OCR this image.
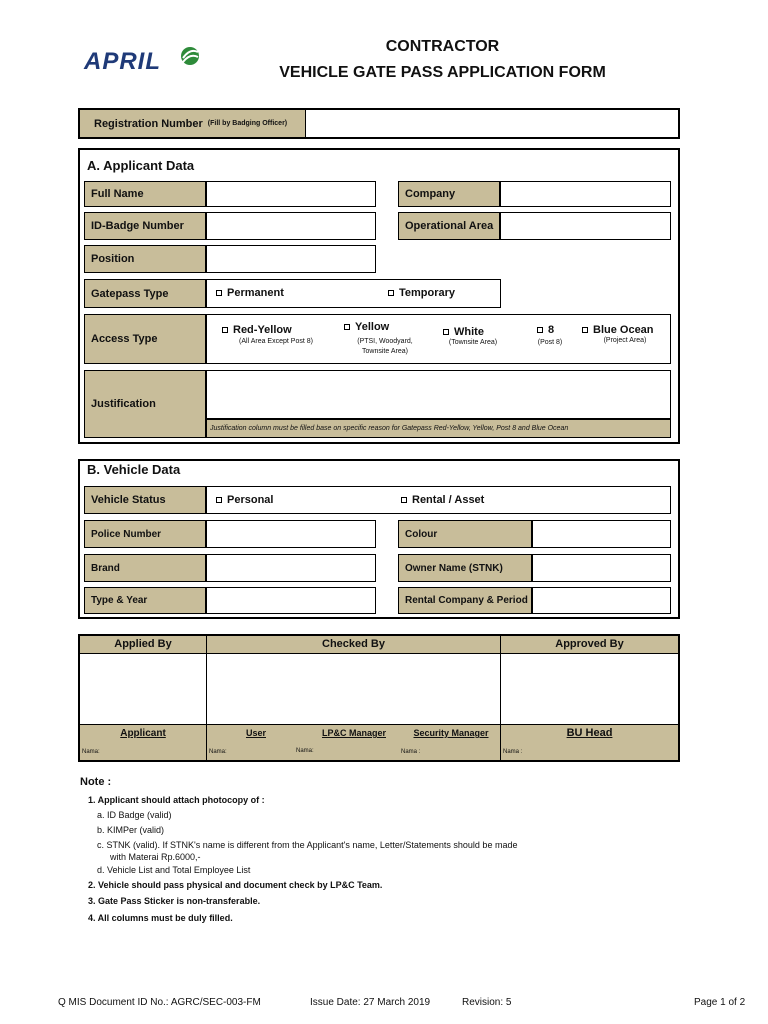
APRIL
CONTRACTOR
VEHICLE GATE PASS APPLICATION FORM
Registration Number (Fill by Badging Officer)
A. Applicant Data
Full Name	Company
ID-Badge Number	Operational Area
Position
Gatepass Type	Permanent	Temporary
Access Type
Red-Yellow
(All Area Except Post 8)
Yellow
(PTSI, Woodyard, Townsite Area)
White
(Townsite Area)
8
(Post 8)
Blue Ocean
(Project Area)
Justification
Justification column must be filled base on specific reason for Gatepass Red-Yellow, Yellow, Post 8 and Blue Ocean
B. Vehicle Data
Vehicle Status	Personal	Rental / Asset
Police Number	Colour
Brand	Owner Name (STNK)
Type & Year	Rental Company & Period
Applied By	Checked By	Approved By
Applicant	User	LP&C Manager	Security Manager	BU Head
Nama:	Nama:	Nama:	Nama :	Nama :
Note :
1. Applicant should attach photocopy of :
a. ID Badge (valid)
b. KIMPer (valid)
c. STNK (valid). If STNK's name is different from the Applicant's name, Letter/Statements should be made
with Materai Rp.6000,-
d. Vehicle List and Total Employee List
2. Vehicle should pass physical and document check by LP&C Team.
3. Gate Pass Sticker is non-transferable.
4. All columns must be duly filled.
Q MIS Document ID No.: AGRC/SEC-003-FM	Issue Date: 27 March 2019	Revision: 5	Page 1 of 2
